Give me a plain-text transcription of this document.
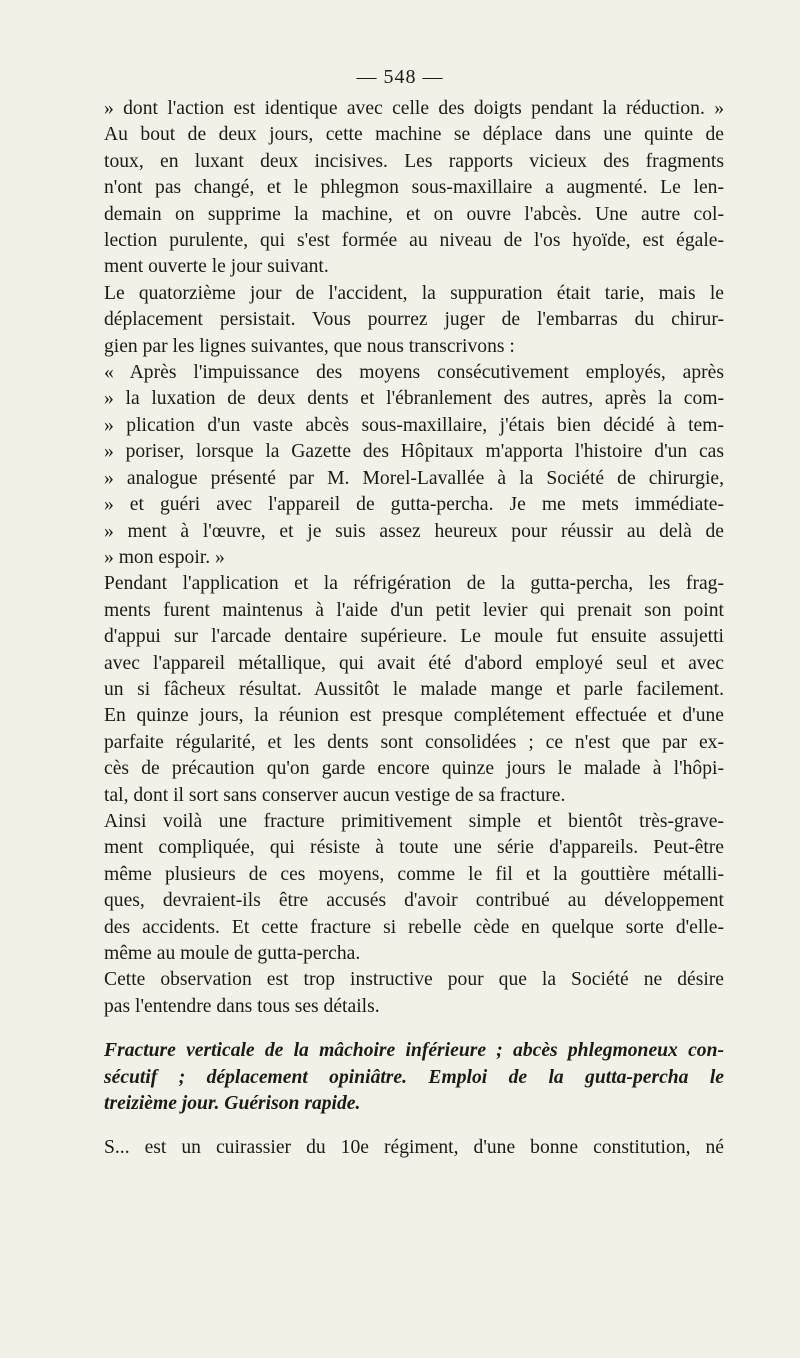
— 548 —
» dont l'action est identique avec celle des doigts pendant la réduction. »
Au bout de deux jours, cette machine se déplace dans une quinte de
toux, en luxant deux incisives. Les rapports vicieux des fragments
n'ont pas changé, et le phlegmon sous-maxillaire a augmenté. Le len-
demain on supprime la machine, et on ouvre l'abcès. Une autre col-
lection purulente, qui s'est formée au niveau de l'os hyoïde, est égale-
ment ouverte le jour suivant.
Le quatorzième jour de l'accident, la suppuration était tarie, mais le
déplacement persistait. Vous pourrez juger de l'embarras du chirur-
gien par les lignes suivantes, que nous transcrivons :
« Après l'impuissance des moyens consécutivement employés, après
» la luxation de deux dents et l'ébranlement des autres, après la com-
» plication d'un vaste abcès sous-maxillaire, j'étais bien décidé à tem-
» poriser, lorsque la Gazette des Hôpitaux m'apporta l'histoire d'un cas
» analogue présenté par M. Morel-Lavallée à la Société de chirurgie,
» et guéri avec l'appareil de gutta-percha. Je me mets immédiate-
» ment à l'œuvre, et je suis assez heureux pour réussir au delà de
» mon espoir. »
Pendant l'application et la réfrigération de la gutta-percha, les frag-
ments furent maintenus à l'aide d'un petit levier qui prenait son point
d'appui sur l'arcade dentaire supérieure. Le moule fut ensuite assujetti
avec l'appareil métallique, qui avait été d'abord employé seul et avec
un si fâcheux résultat. Aussitôt le malade mange et parle facilement.
En quinze jours, la réunion est presque complétement effectuée et d'une
parfaite régularité, et les dents sont consolidées ; ce n'est que par ex-
cès de précaution qu'on garde encore quinze jours le malade à l'hôpi-
tal, dont il sort sans conserver aucun vestige de sa fracture.
Ainsi voilà une fracture primitivement simple et bientôt très-grave-
ment compliquée, qui résiste à toute une série d'appareils. Peut-être
même plusieurs de ces moyens, comme le fil et la gouttière métalli-
ques, devraient-ils être accusés d'avoir contribué au développement
des accidents. Et cette fracture si rebelle cède en quelque sorte d'elle-
même au moule de gutta-percha.
Cette observation est trop instructive pour que la Société ne désire
pas l'entendre dans tous ses détails.
Fracture verticale de la mâchoire inférieure ; abcès phlegmoneux con-
sécutif ; déplacement opiniâtre. Emploi de la gutta-percha le
treizième jour. Guérison rapide.
S... est un cuirassier du 10e régiment, d'une bonne constitution, né
